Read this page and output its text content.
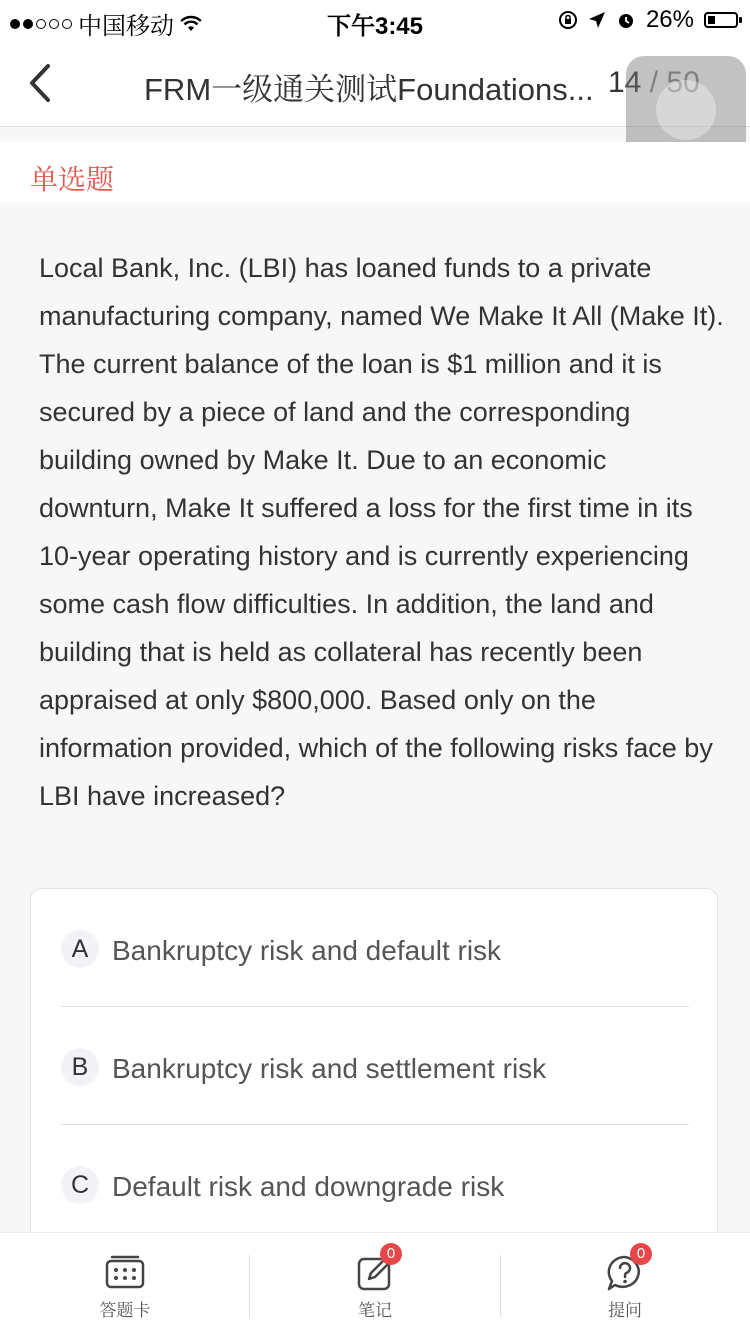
中国移动	下午3:45	26%
FRM一级通关测试Foundations... 14 / 50
单选题
Local Bank, Inc. (LBI) has loaned funds to a private manufacturing company, named We Make It All (Make It). The current balance of the loan is $1 million and it is secured by a piece of land and the corresponding building owned by Make It. Due to an economic downturn, Make It suffered a loss for the first time in its 10-year operating history and is currently experiencing some cash flow difficulties. In addition, the land and building that is held as collateral has recently been appraised at only $800,000. Based only on the information provided, which of the following risks face by LBI have increased?
A Bankruptcy risk and default risk
B Bankruptcy risk and settlement risk
C Default risk and downgrade risk
答题卡
0
笔记
0
提问
